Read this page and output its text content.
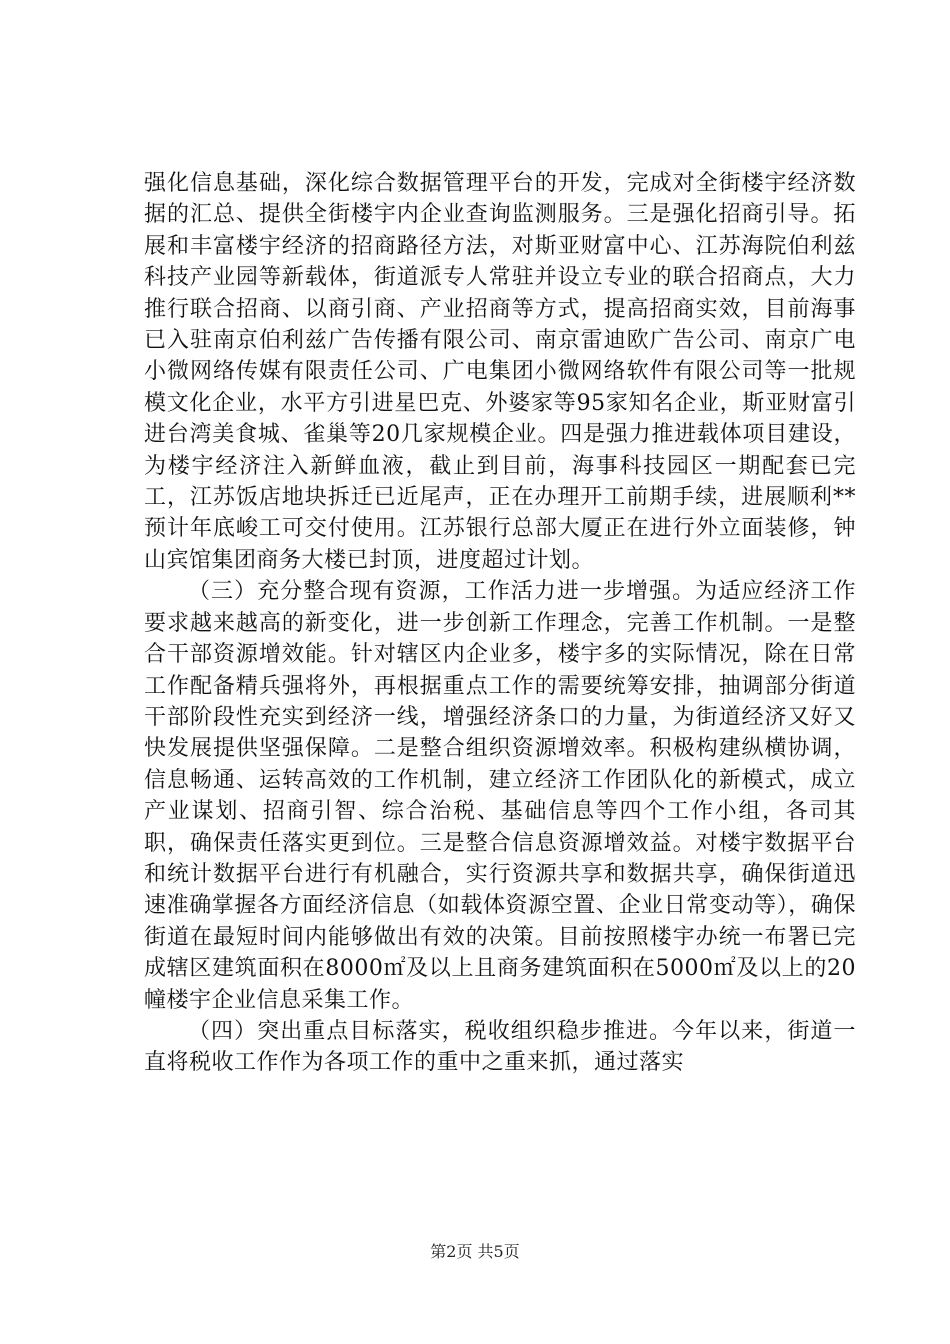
强化信息基础，深化综合数据管理平台的开发，完成对全街楼宇经济数据的汇总、提供全街楼宇内企业查询监测服务。三是强化招商引导。拓展和丰富楼宇经济的招商路径方法，对斯亚财富中心、江苏海院伯利兹科技产业园等新载体，街道派专人常驻并设立专业的联合招商点，大力推行联合招商、以商引商、产业招商等方式，提高招商实效，目前海事已入驻南京伯利兹广告传播有限公司、南京雷迪欧广告公司、南京广电小微网络传媒有限责任公司、广电集团小微网络软件有限公司等一批规模文化企业，水平方引进星巴克、外婆家等95家知名企业，斯亚财富引进台湾美食城、雀巢等20几家规模企业。四是强力推进载体项目建设，为楼宇经济注入新鲜血液，截止到目前，海事科技园区一期配套已完工，江苏饭店地块拆迁已近尾声，正在办理开工前期手续，进展顺利**预计年底峻工可交付使用。江苏银行总部大厦正在进行外立面装修，钟山宾馆集团商务大楼已封顶，进度超过计划。

（三）充分整合现有资源，工作活力进一步增强。为适应经济工作要求越来越高的新变化，进一步创新工作理念，完善工作机制。一是整合干部资源增效能。针对辖区内企业多，楼宇多的实际情况，除在日常工作配备精兵强将外，再根据重点工作的需要统筹安排，抽调部分街道干部阶段性充实到经济一线，增强经济条口的力量，为街道经济又好又快发展提供坚强保障。二是整合组织资源增效率。积极构建纵横协调，信息畅通、运转高效的工作机制，建立经济工作团队化的新模式，成立产业谋划、招商引智、综合治税、基础信息等四个工作小组，各司其职，确保责任落实更到位。三是整合信息资源增效益。对楼宇数据平台和统计数据平台进行有机融合，实行资源共享和数据共享，确保街道迅速准确掌握各方面经济信息（如载体资源空置、企业日常变动等），确保街道在最短时间内能够做出有效的决策。目前按照楼宇办统一布署已完成辖区建筑面积在8000㎡及以上且商务建筑面积在5000㎡及以上的20幢楼宇企业信息采集工作。

（四）突出重点目标落实，税收组织稳步推进。今年以来，街道一直将税收工作作为各项工作的重中之重来抓，通过落实

第2页 共5页
